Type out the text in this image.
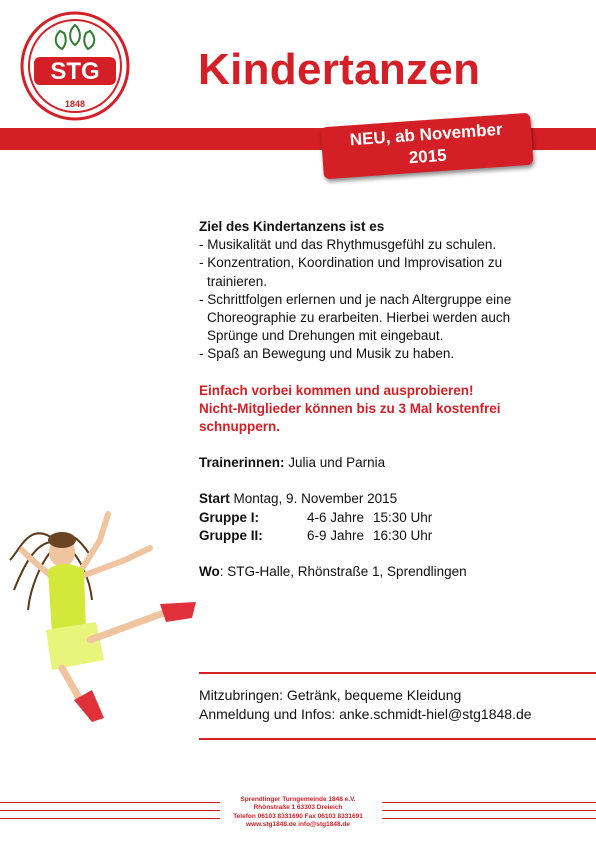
STG
1848
Kindertanzen
NEU, ab November
2015
Ziel des Kindertanzens ist es
- Musikalität und das Rhythmusgefühl zu schulen.
- Konzentration, Koordination und Improvisation zu trainieren.
- Schrittfolgen erlernen und je nach Altergruppe eine Choreographie zu erarbeiten. Hierbei werden auch Sprünge und Drehungen mit eingebaut.
- Spaß an Bewegung und Musik zu haben.
Einfach vorbei kommen und ausprobieren!
Nicht-Mitglieder können bis zu 3 Mal kostenfrei schnuppern.
Trainerinnen: Julia und Parnia
Start Montag, 9. November 2015
Gruppe I:	4-6 Jahre 15:30 Uhr
Gruppe II:	6-9 Jahre 16:30 Uhr
Wo: STG-Halle, Rhönstraße 1, Sprendlingen
Mitzubringen: Getränk, bequeme Kleidung
Anmeldung und Infos: anke.schmidt-hiel@stg1848.de
Sprendlinger Turngemeinde 1848 e.V.
Rhönstraße 1 63303 Dreieich
Telefon 06103 8331690 Fax 06103 8331691
www.stg1848.de info@stg1848.de
